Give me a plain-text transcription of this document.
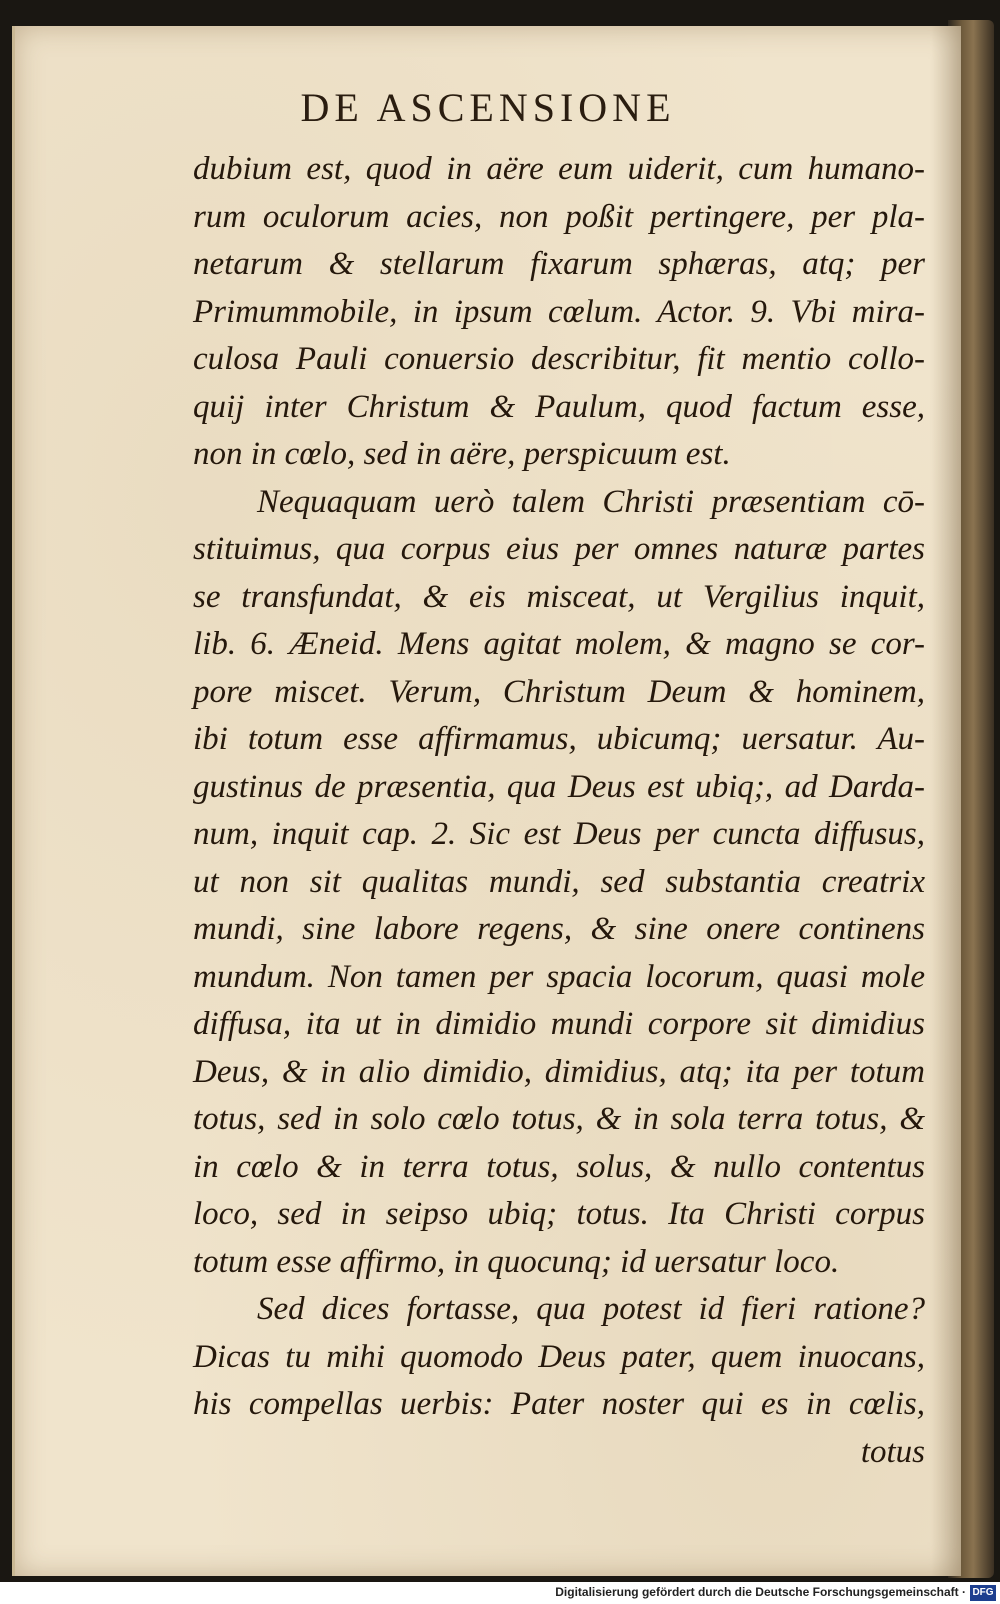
DE ASCENSIONE
dubium est, quod in aëre eum uiderit, cum humano-
rum oculorum acies, non poßit pertingere, per pla-
netarum & stellarum fixarum sphæras, atq; per
Primummobile, in ipsum cœlum. Actor. 9. Vbi mira-
culosa Pauli conuersio describitur, fit mentio collo-
quij inter Christum & Paulum, quod factum esse,
non in cœlo, sed in aëre, perspicuum est.
Nequaquam uerò talem Christi præsentiam cō-
stituimus, qua corpus eius per omnes naturæ partes
se transfundat, & eis misceat, ut Vergilius inquit,
lib. 6. Æneid. Mens agitat molem, & magno se cor-
pore miscet. Verum, Christum Deum & hominem,
ibi totum esse affirmamus, ubicumq; uersatur. Au-
gustinus de præsentia, qua Deus est ubiq;, ad Darda-
num, inquit cap. 2. Sic est Deus per cuncta diffusus,
ut non sit qualitas mundi, sed substantia creatrix
mundi, sine labore regens, & sine onere continens
mundum. Non tamen per spacia locorum, quasi mole
diffusa, ita ut in dimidio mundi corpore sit dimidius
Deus, & in alio dimidio, dimidius, atq; ita per totum
totus, sed in solo cœlo totus, & in sola terra totus, &
in cœlo & in terra totus, solus, & nullo contentus
loco, sed in seipso ubiq; totus. Ita Christi corpus
totum esse affirmo, in quocunq; id uersatur loco.
Sed dices fortasse, qua potest id fieri ratione?
Dicas tu mihi quomodo Deus pater, quem inuocans,
his compellas uerbis: Pater noster qui es in cœlis,
totus
Digitalisierung gefördert durch die Deutsche Forschungsgemeinschaft · DFG
